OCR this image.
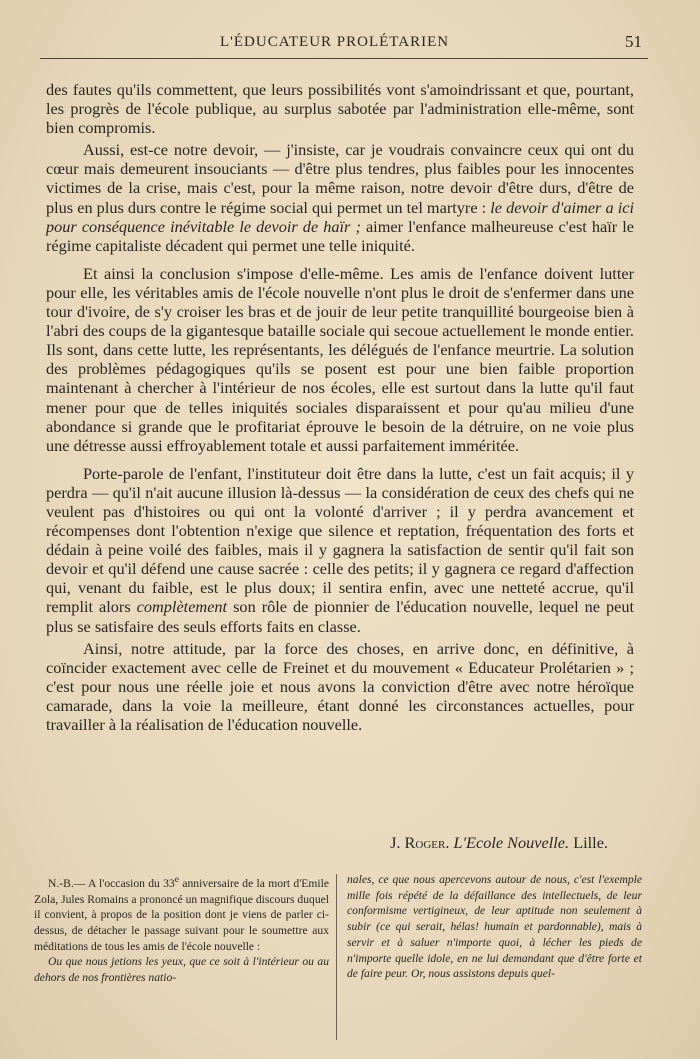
L'ÉDUCATEUR PROLÉTARIEN	51

des fautes qu'ils commettent, que leurs possibilités vont s'amoindrissant et que, pourtant, les progrès de l'école publique, au surplus sabotée par l'administration elle-même, sont bien compromis.

Aussi, est-ce notre devoir, — j'insiste, car je voudrais convaincre ceux qui ont du cœur mais demeurent insouciants — d'être plus tendres, plus faibles pour les innocentes victimes de la crise, mais c'est, pour la même raison, notre devoir d'être durs, d'être de plus en plus durs contre le régime social qui permet un tel martyre : le devoir d'aimer a ici pour conséquence inévitable le devoir de haïr ; aimer l'enfance malheureuse c'est haïr le régime capitaliste décadent qui permet une telle iniquité.

Et ainsi la conclusion s'impose d'elle-même. Les amis de l'enfance doivent lutter pour elle, les véritables amis de l'école nouvelle n'ont plus le droit de s'enfermer dans une tour d'ivoire, de s'y croiser les bras et de jouir de leur petite tranquillité bourgeoise bien à l'abri des coups de la gigantesque bataille sociale qui secoue actuellement le monde entier. Ils sont, dans cette lutte, les représentants, les délégués de l'enfance meurtrie. La solution des problèmes pédagogiques qu'ils se posent est pour une bien faible proportion maintenant à chercher à l'intérieur de nos écoles, elle est surtout dans la lutte qu'il faut mener pour que de telles iniquités sociales disparaissent et pour qu'au milieu d'une abondance si grande que le profitariat éprouve le besoin de la détruire, on ne voie plus une détresse aussi effroyablement totale et aussi parfaitement imméritée.

Porte-parole de l'enfant, l'instituteur doit être dans la lutte, c'est un fait acquis; il y perdra — qu'il n'ait aucune illusion là-dessus — la considération de ceux des chefs qui ne veulent pas d'histoires ou qui ont la volonté d'arriver ; il y perdra avancement et récompenses dont l'obtention n'exige que silence et reptation, fréquentation des forts et dédain à peine voilé des faibles, mais il y gagnera la satisfaction de sentir qu'il fait son devoir et qu'il défend une cause sacrée : celle des petits; il y gagnera ce regard d'affection qui, venant du faible, est le plus doux; il sentira enfin, avec une netteté accrue, qu'il remplit alors complètement son rôle de pionnier de l'éducation nouvelle, lequel ne peut plus se satisfaire des seuls efforts faits en classe.

Ainsi, notre attitude, par la force des choses, en arrive donc, en définitive, à coïncider exactement avec celle de Freinet et du mouvement « Educateur Prolétarien » ; c'est pour nous une réelle joie et nous avons la conviction d'être avec notre héroïque camarade, dans la voie la meilleure, étant donné les circonstances actuelles, pour travailler à la réalisation de l'éducation nouvelle.

J. Roger. L'Ecole Nouvelle. Lille.

N.-B.— A l'occasion du 33e anniversaire de la mort d'Emile Zola, Jules Romains a prononcé un magnifique discours duquel il convient, à propos de la position dont je viens de parler ci-dessus, de détacher le passage suivant pour le soumettre aux méditations de tous les amis de l'école nouvelle :

Ou que nous jetions les yeux, que ce soit à l'intérieur ou au dehors de nos frontières natio-

nales, ce que nous apercevons autour de nous, c'est l'exemple mille fois répété de la défaillance des intellectuels, de leur conformisme vertigineux, de leur aptitude non seulement à subir (ce qui serait, hélas! humain et pardonnable), mais à servir et à saluer n'importe quoi, à lécher les pieds de n'importe quelle idole, en ne lui demandant que d'être forte et de faire peur. Or, nous assistons depuis quel-
